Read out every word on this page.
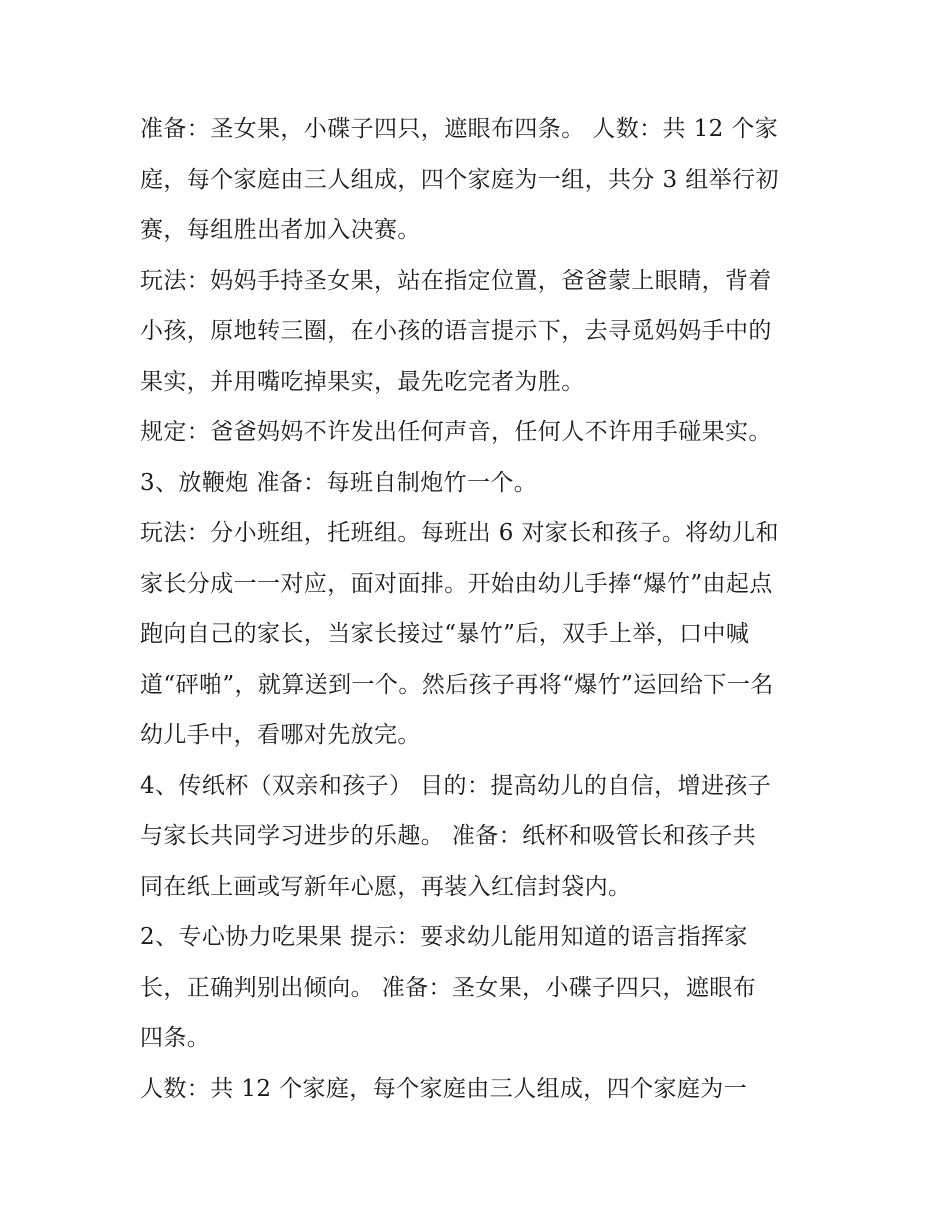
准备：圣女果，小碟子四只，遮眼布四条。 人数：共 12 个家
庭，每个家庭由三人组成，四个家庭为一组，共分 3 组举行初
赛，每组胜出者加入决赛。
玩法：妈妈手持圣女果，站在指定位置，爸爸蒙上眼睛，背着
小孩，原地转三圈，在小孩的语言提示下，去寻觅妈妈手中的
果实，并用嘴吃掉果实，最先吃完者为胜。
规定：爸爸妈妈不许发出任何声音，任何人不许用手碰果实。
3、放鞭炮 准备：每班自制炮竹一个。
玩法：分小班组，托班组。每班出 6 对家长和孩子。将幼儿和
家长分成一一对应，面对面排。开始由幼儿手捧“爆竹”由起点
跑向自己的家长，当家长接过“暴竹”后，双手上举，口中喊
道“砰啪”，就算送到一个。然后孩子再将“爆竹”运回给下一名
幼儿手中，看哪对先放完。
4、传纸杯（双亲和孩子） 目的：提高幼儿的自信，增进孩子
与家长共同学习进步的乐趣。 准备：纸杯和吸管长和孩子共
同在纸上画或写新年心愿，再装入红信封袋内。
2、专心协力吃果果 提示：要求幼儿能用知道的语言指挥家
长，正确判别出倾向。 准备：圣女果，小碟子四只，遮眼布
四条。
人数：共 12 个家庭，每个家庭由三人组成，四个家庭为一
